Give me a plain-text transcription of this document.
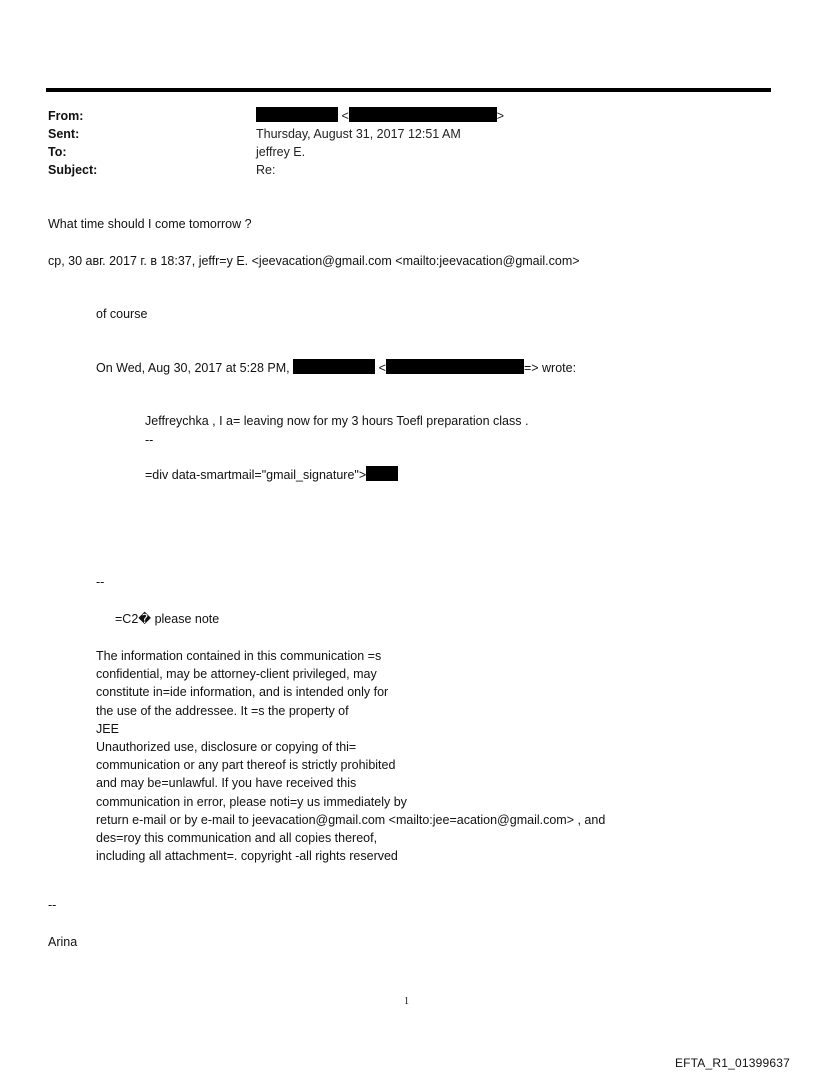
From:	<	>
Sent:	Thursday, August 31, 2017 12:51 AM
To:	jeffrey E.
Subject:	Re:
What time should I come tomorrow ?
ср, 30 авг. 2017 г. в 18:37, jeffr=y E. <jeevacation@gmail.com <mailto:jeevacation@gmail.com>
of course
On Wed, Aug 30, 2017 at 5:28 PM,	<	=> wrote:
Jeffreychka , I a= leaving now for my 3 hours Toefl preparation class .
--
=div data-smartmail="gmail_signature">
--
=C2� please note
The information contained in this communication =s
confidential, may be attorney-client privileged, may
constitute in=ide information, and is intended only for
the use of the addressee. It =s the property of
JEE
Unauthorized use, disclosure or copying of thi=
communication or any part thereof is strictly prohibited
and may be=unlawful. If you have received this
communication in error, please noti=y us immediately by
return e-mail or by e-mail to jeevacation@gmail.com <mailto:jee=acation@gmail.com> , and
des=roy this communication and all copies thereof,
including all attachment=. copyright -all rights reserved
--
Arina
1
EFTA_R1_01399637
